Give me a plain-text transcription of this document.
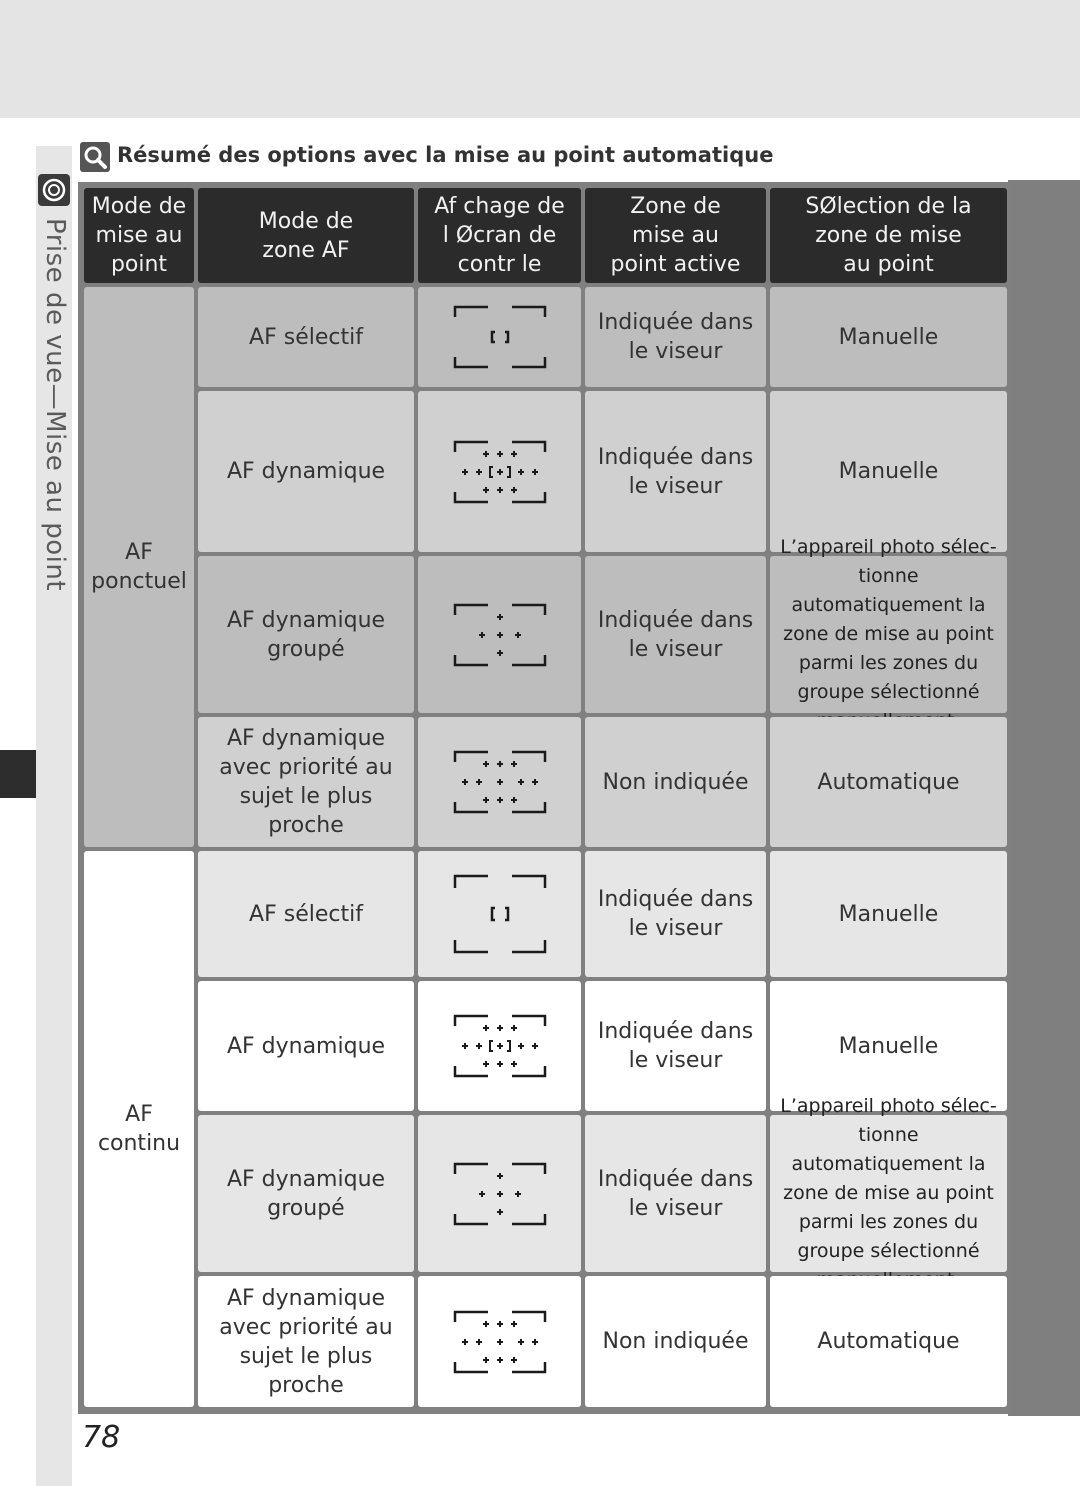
Prise de vue—Mise au point
Résumé des options avec la mise au point automatique
Mode de mise au point
Mode de zone AF
Af chage de l Øcran de contr le
Zone de mise au point active
SØlection de la zone de mise au point
AF ponctuel
AF continu
AF sélectif
Indiquée dans le viseur
Manuelle
AF dynamique
Indiquée dans le viseur
Manuelle
AF dynamique groupé
Indiquée dans le viseur
tionne automatiquement la zone de mise au point parmi les zones du groupe sélectionné
AF dynamique avec priorité au sujet le plus proche
Non indiquée	Automatique
AF sélectif
Indiquée dans le viseur
Manuelle
AF dynamique
Indiquée dans le viseur
Manuelle
AF dynamique groupé
Indiquée dans le viseur
tionne automatiquement la zone de mise au point parmi les zones du groupe sélectionné
AF dynamique avec priorité au sujet le plus proche
Non indiquée	Automatique
78
